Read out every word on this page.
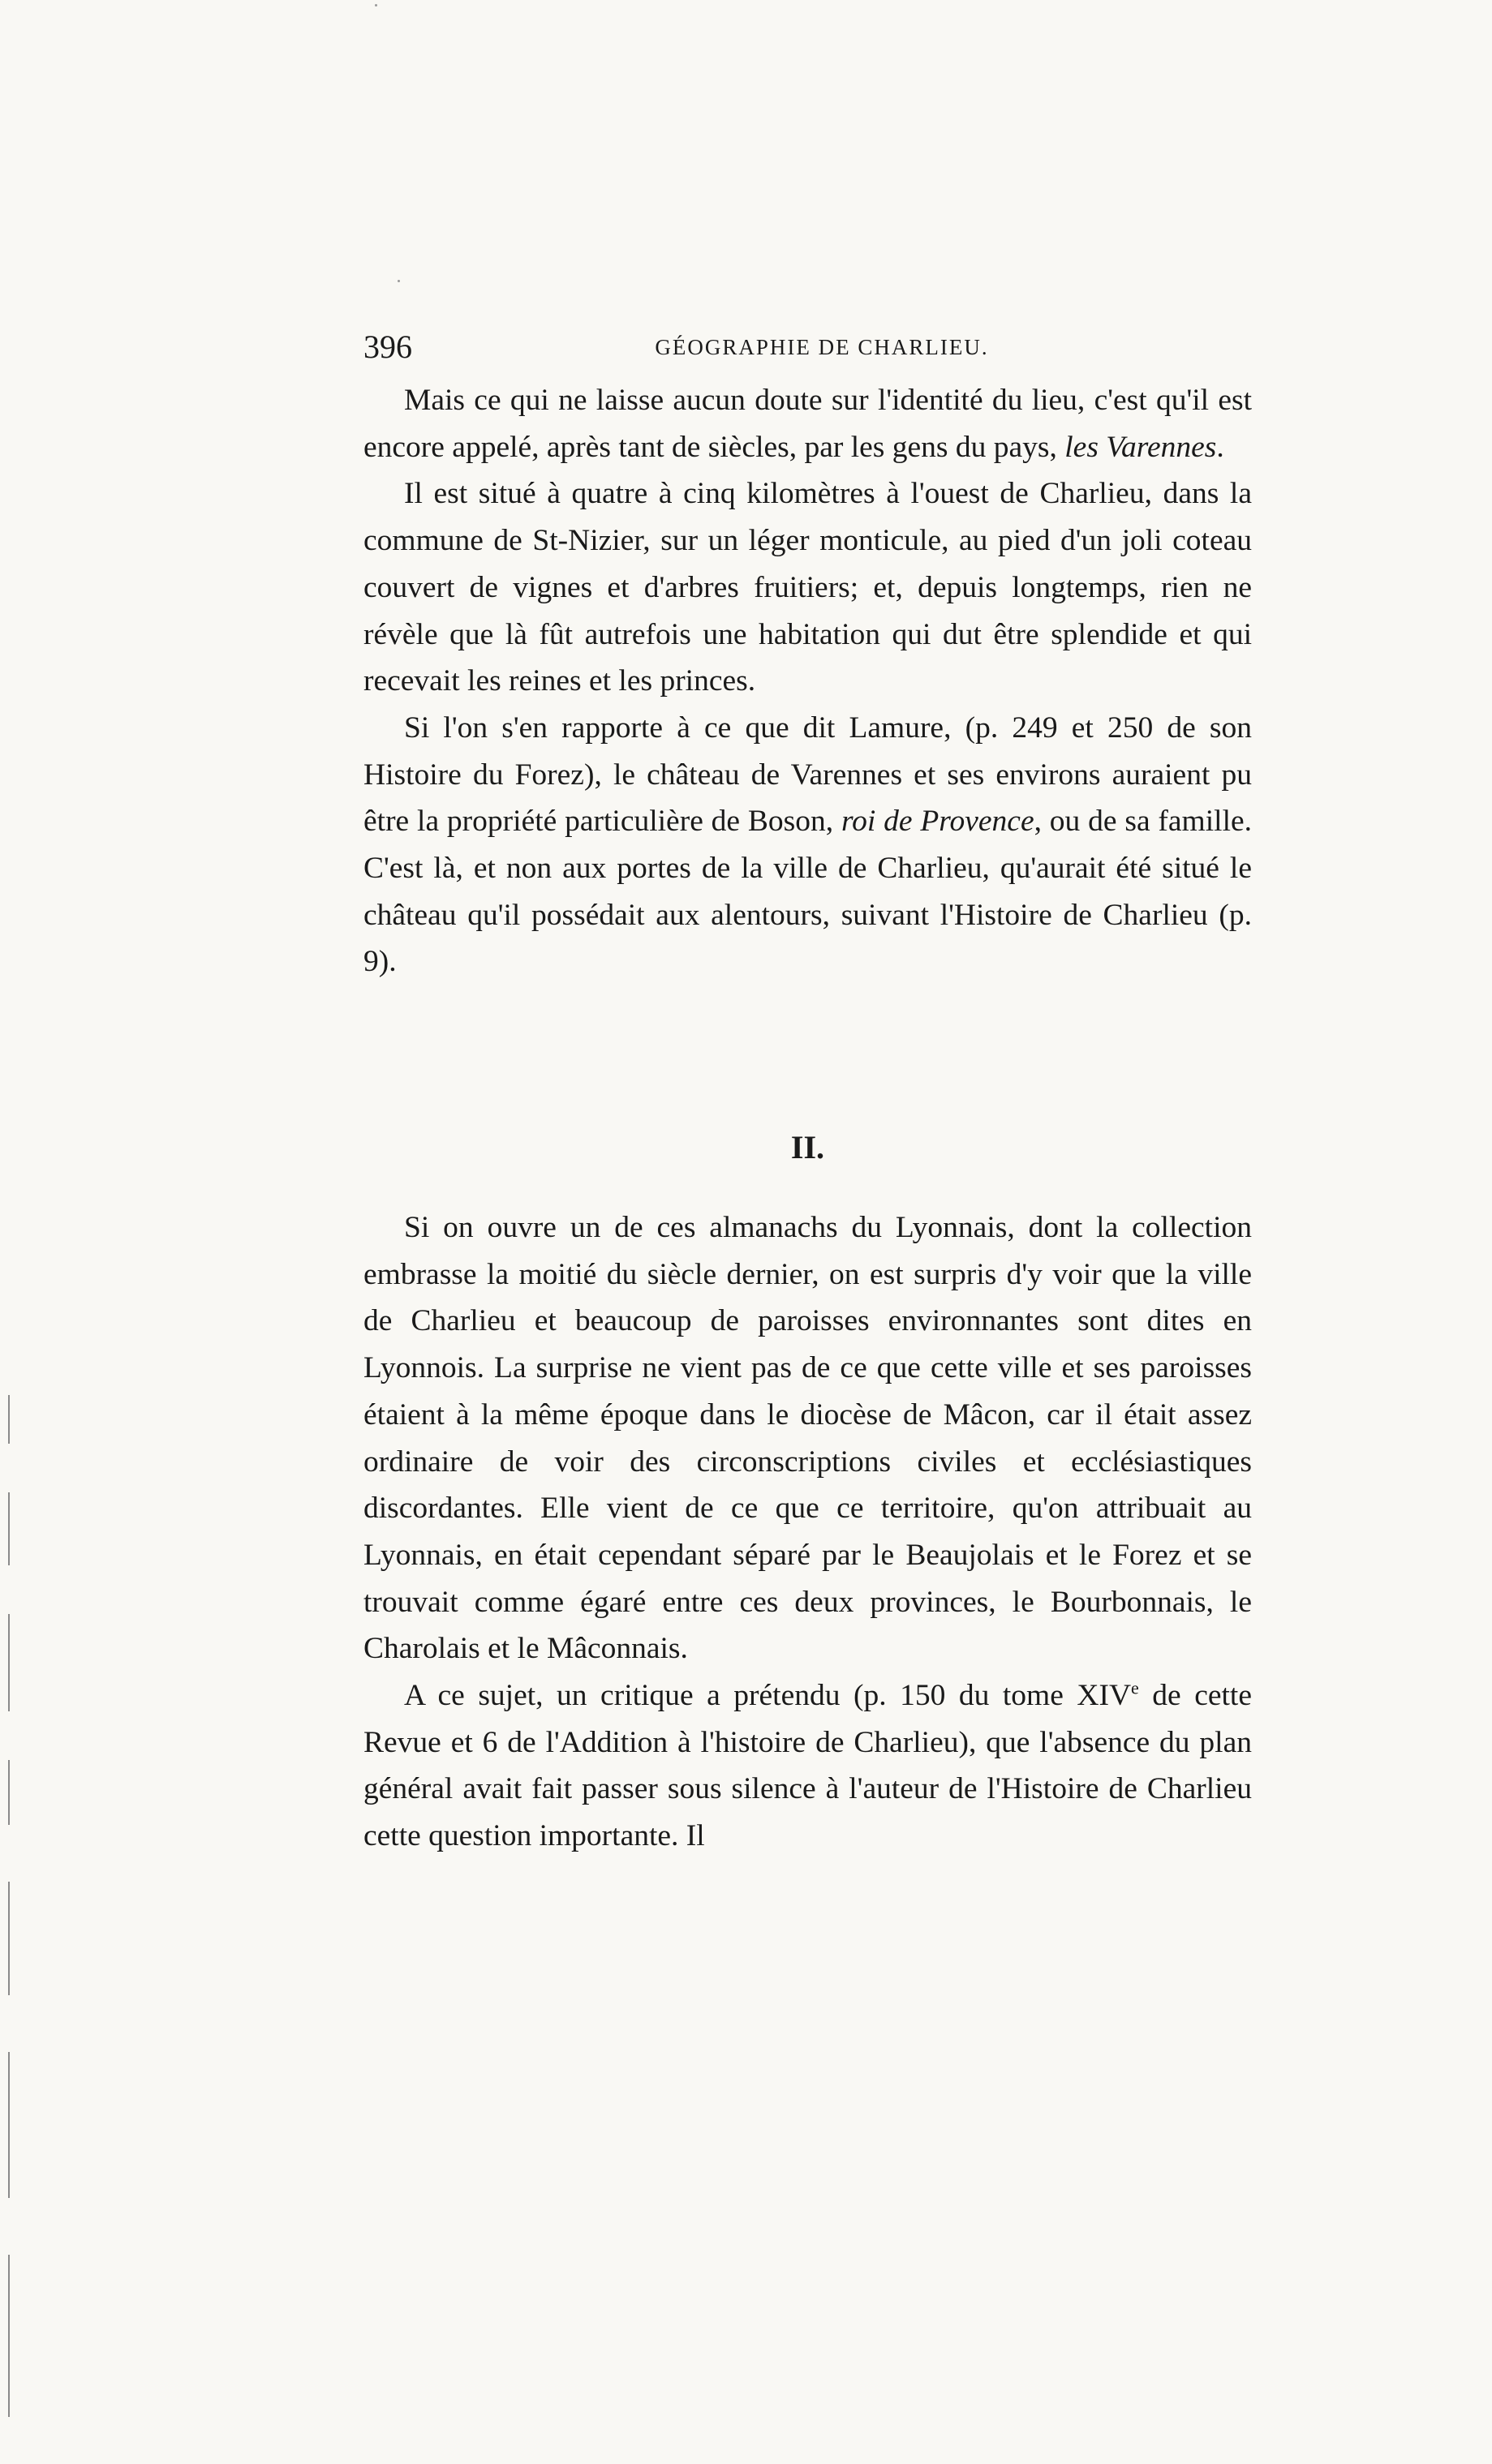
396	GÉOGRAPHIE DE CHARLIEU.

Mais ce qui ne laisse aucun doute sur l'identité du lieu, c'est qu'il est encore appelé, après tant de siècles, par les gens du pays, les Varennes.

Il est situé à quatre à cinq kilomètres à l'ouest de Charlieu, dans la commune de St-Nizier, sur un léger monticule, au pied d'un joli coteau couvert de vignes et d'arbres fruitiers; et, depuis longtemps, rien ne révèle que là fût autrefois une habitation qui dut être splendide et qui recevait les reines et les princes.

Si l'on s'en rapporte à ce que dit Lamure, (p. 249 et 250 de son Histoire du Forez), le château de Varennes et ses environs auraient pu être la propriété particulière de Boson, roi de Provence, ou de sa famille. C'est là, et non aux portes de la ville de Charlieu, qu'aurait été situé le château qu'il possédait aux alentours, suivant l'Histoire de Charlieu (p. 9).

II.

Si on ouvre un de ces almanachs du Lyonnais, dont la collection embrasse la moitié du siècle dernier, on est surpris d'y voir que la ville de Charlieu et beaucoup de paroisses environnantes sont dites en Lyonnois. La surprise ne vient pas de ce que cette ville et ses paroisses étaient à la même époque dans le diocèse de Mâcon, car il était assez ordinaire de voir des circonscriptions civiles et ecclésiastiques discordantes. Elle vient de ce que ce territoire, qu'on attribuait au Lyonnais, en était cependant séparé par le Beaujolais et le Forez et se trouvait comme égaré entre ces deux provinces, le Bourbonnais, le Charolais et le Mâconnais.

A ce sujet, un critique a prétendu (p. 150 du tome XIVe de cette Revue et 6 de l'Addition à l'histoire de Charlieu), que l'absence du plan général avait fait passer sous silence à l'auteur de l'Histoire de Charlieu cette question importante. Il
